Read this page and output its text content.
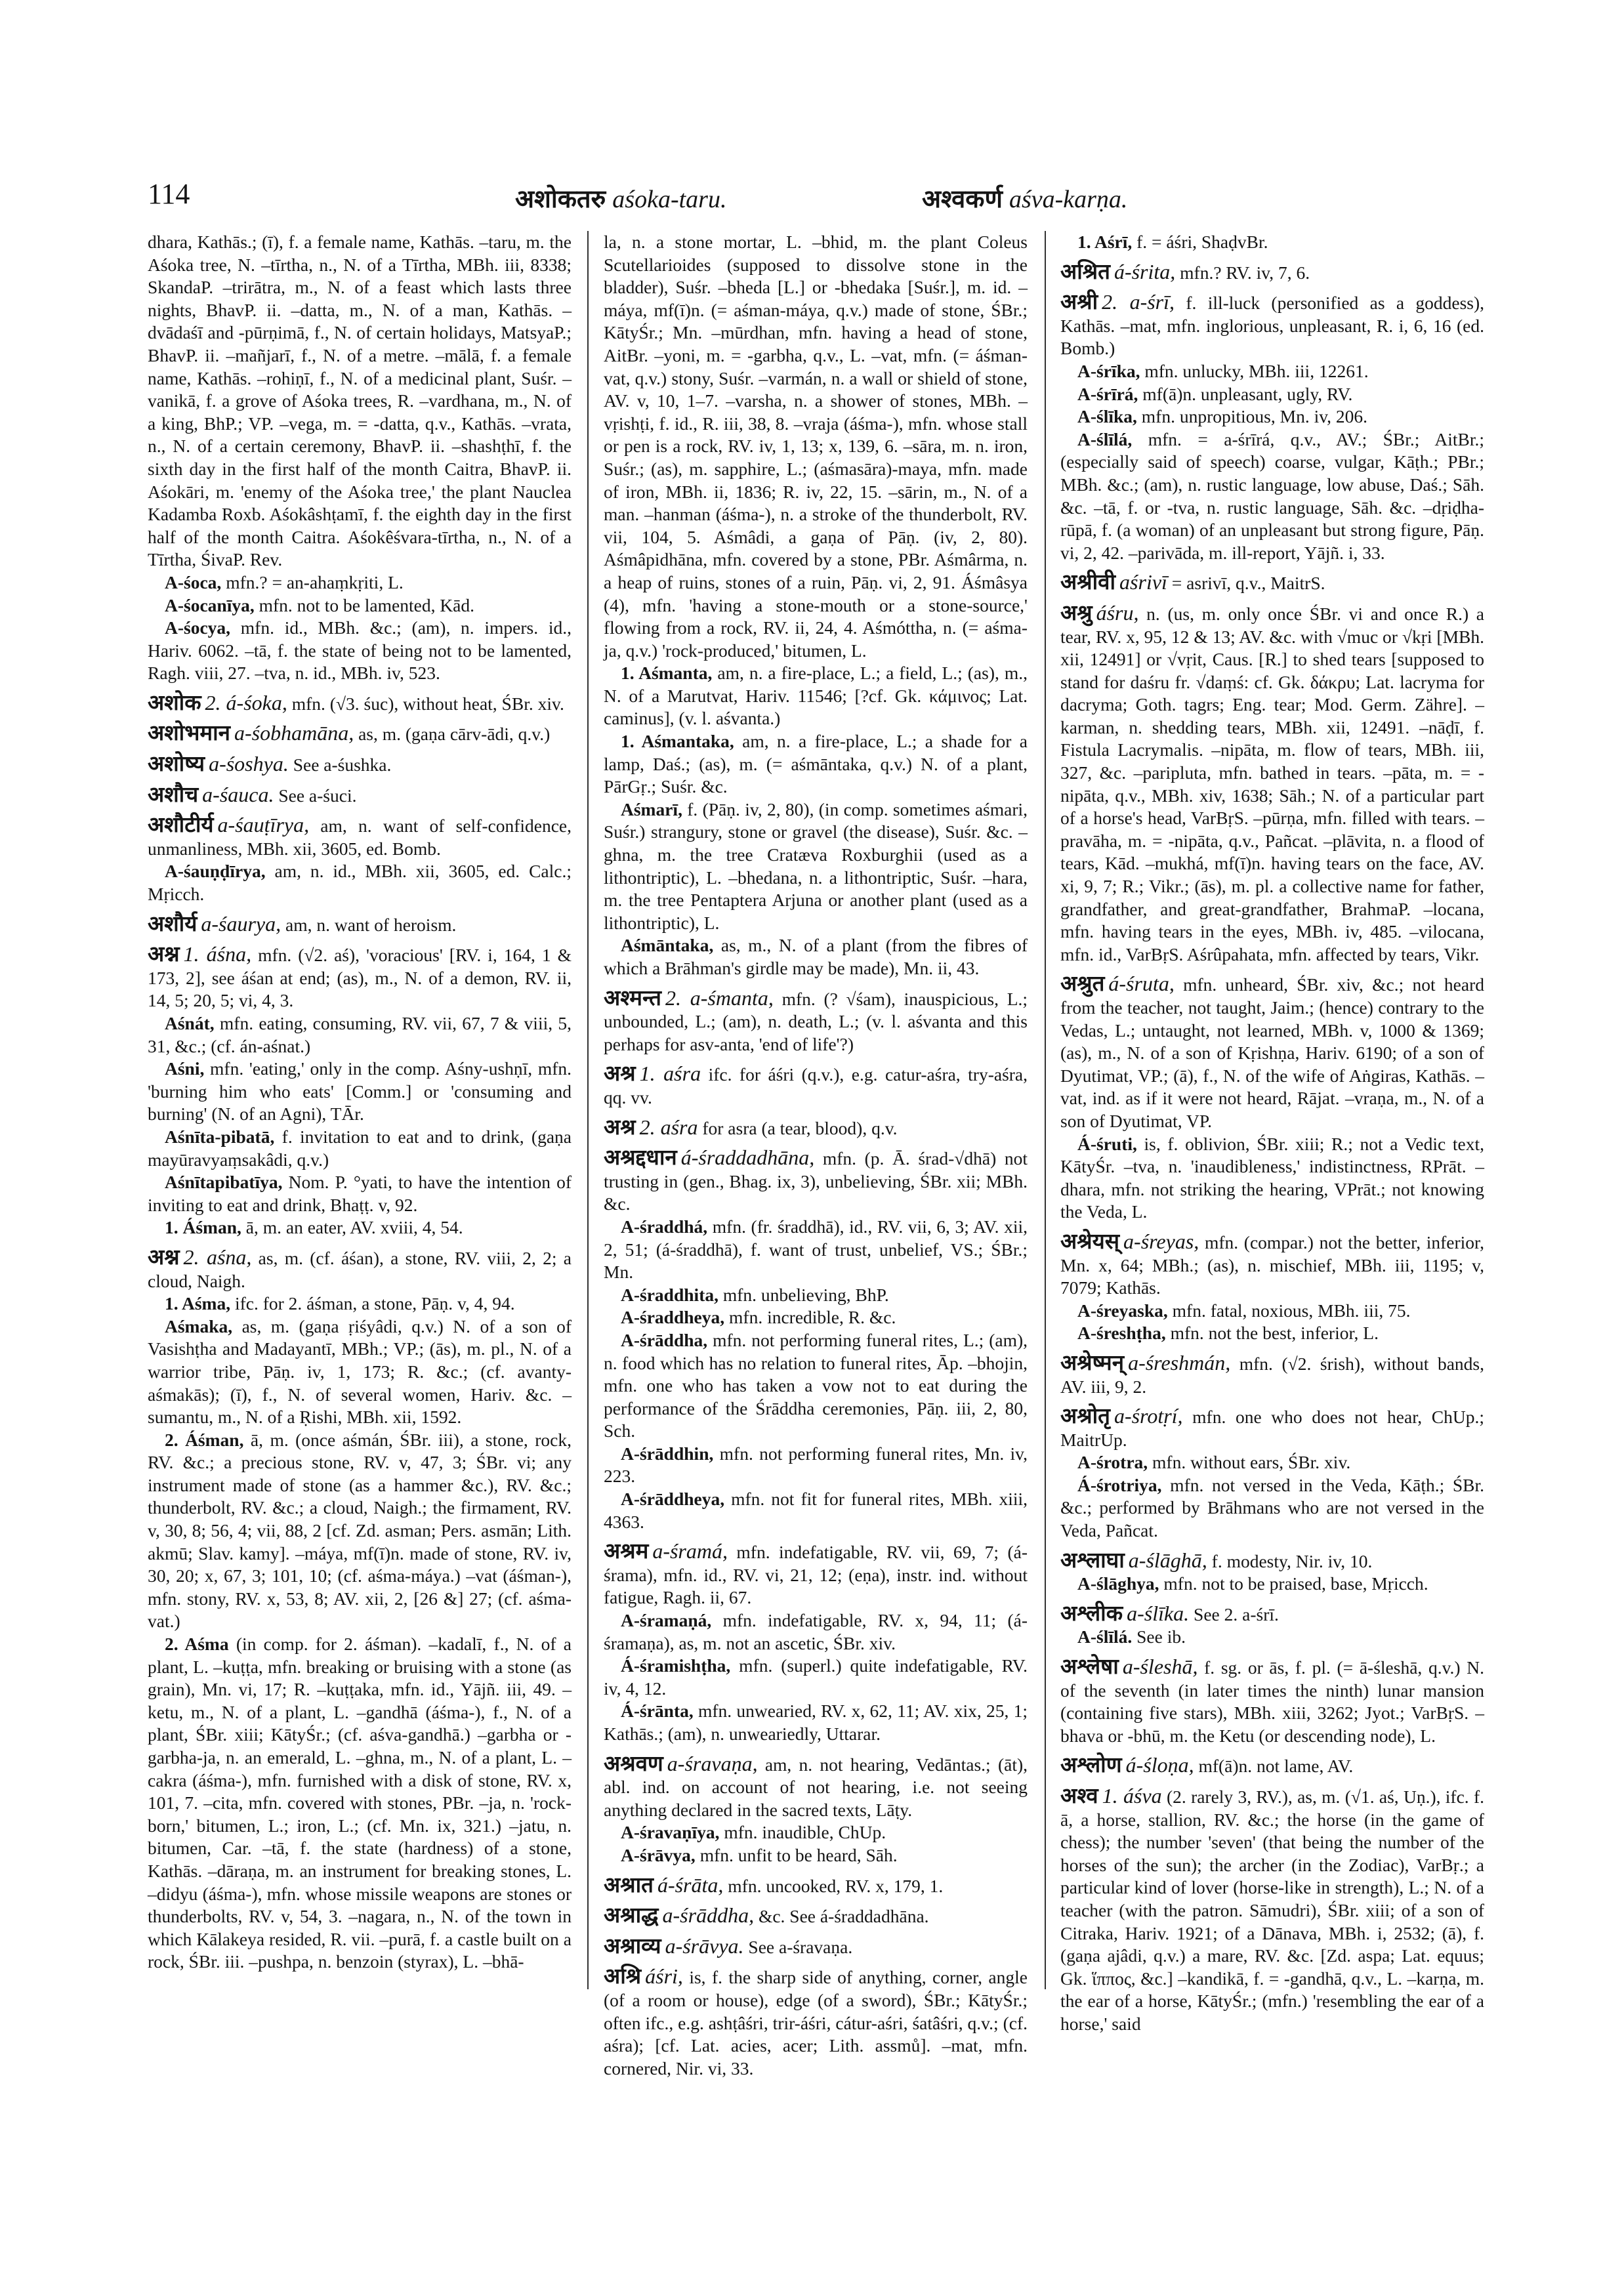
114	अशोकतरु aśoka-taru.	अश्वकर्ण aśva-karṇa.

dhara, Kathās.; (ī), f. a female name, Kathās. –taru, m. the Aśoka tree, N. –tīrtha, n., N. of a Tīrtha, MBh. iii, 8338; SkandaP. –trirātra, m., N. of a feast which lasts three nights, BhavP. ii. –datta, m., N. of a man, Kathās. –dvādaśī and -pūrṇimā, f., N. of certain holidays, MatsyaP.; BhavP. ii. –mañjarī, f., N. of a metre. –mālā, f. a female name, Kathās. –rohiṇī, f., N. of a medicinal plant, Suśr. –vanikā, f. a grove of Aśoka trees, R. –vardhana, m., N. of a king, BhP.; VP. –vega, m. = -datta, q.v., Kathās. –vrata, n., N. of a certain ceremony, BhavP. ii. –shashṭhī, f. the sixth day in the first half of the month Caitra, BhavP. ii. Aśokāri, m. 'enemy of the Aśoka tree,' the plant Nauclea Kadamba Roxb. Aśokâshṭamī, f. the eighth day in the first half of the month Caitra. Aśokêśvara-tīrtha, n., N. of a Tīrtha, ŚivaP. Rev.

A-śoca, mfn.? = an-ahaṃkṛiti, L.

A-śocanīya, mfn. not to be lamented, Kād.

A-śocya, mfn. id., MBh. &c.; (am), n. impers. id., Hariv. 6062. –tā, f. the state of being not to be lamented, Ragh. viii, 27. –tva, n. id., MBh. iv, 523.

अशोक 2. á-śoka, mfn. (√3. śuc), without heat, ŚBr. xiv.

अशोभमान a-śobhamāna, as, m. (gaṇa cārv-ādi, q.v.)

अशोष्य a-śoshya. See a-śushka.

अशौच a-śauca. See a-śuci.

अशौटीर्य a-śauṭīrya, am, n. want of self-confidence, unmanliness, MBh. xii, 3605, ed. Bomb.

A-śauṇḍīrya, am, n. id., MBh. xii, 3605, ed. Calc.; Mṛicch.

अशौर्य a-śaurya, am, n. want of heroism.

अश्न 1. áśna, mfn. (√2. aś), 'voracious' [RV. i, 164, 1 & 173, 2], see áśan at end; (as), m., N. of a demon, RV. ii, 14, 5; 20, 5; vi, 4, 3.

Aśnát, mfn. eating, consuming, RV. vii, 67, 7 & viii, 5, 31, &c.; (cf. án-aśnat.)

Aśni, mfn. 'eating,' only in the comp. Aśny-ushṇī, mfn. 'burning him who eats' [Comm.] or 'consuming and burning' (N. of an Agni), TĀr.

Aśnīta-pibatā, f. invitation to eat and to drink, (gaṇa mayūravyaṃsakâdi, q.v.)

Aśnītapibatīya, Nom. P. °yati, to have the intention of inviting to eat and drink, Bhaṭṭ. v, 92.

1. Áśman, ā, m. an eater, AV. xviii, 4, 54.

अश्न 2. aśna, as, m. (cf. áśan), a stone, RV. viii, 2, 2; a cloud, Naigh.

1. Aśma, ifc. for 2. áśman, a stone, Pāṇ. v, 4, 94.

Aśmaka, as, m. (gaṇa ṛiśyâdi, q.v.) N. of a son of Vasishṭha and Madayantī, MBh.; VP.; (ās), m. pl., N. of a warrior tribe, Pāṇ. iv, 1, 173; R. &c.; (cf. avanty-aśmakās); (ī), f., N. of several women, Hariv. &c. –sumantu, m., N. of a Ṛishi, MBh. xii, 1592.

2. Áśman, ā, m. (once aśmán, ŚBr. iii), a stone, rock, RV. &c.; a precious stone, RV. v, 47, 3; ŚBr. vi; any instrument made of stone (as a hammer &c.), RV. &c.; thunderbolt, RV. &c.; a cloud, Naigh.; the firmament, RV. v, 30, 8; 56, 4; vii, 88, 2 [cf. Zd. asman; Pers. asmān; Lith. akmū; Slav. kamy]. –máya, mf(ī)n. made of stone, RV. iv, 30, 20; x, 67, 3; 101, 10; (cf. aśma-máya.) –vat (áśman-), mfn. stony, RV. x, 53, 8; AV. xii, 2, [26 &] 27; (cf. aśma-vat.)

2. Aśma (in comp. for 2. áśman). –kadalī, f., N. of a plant, L. –kuṭṭa, mfn. breaking or bruising with a stone (as grain), Mn. vi, 17; R. –kuṭṭaka, mfn. id., Yājñ. iii, 49. –ketu, m., N. of a plant, L. –gandhā (áśma-), f., N. of a plant, ŚBr. xiii; KātyŚr.; (cf. aśva-gandhā.) –garbha or -garbha-ja, n. an emerald, L. –ghna, m., N. of a plant, L. –cakra (áśma-), mfn. furnished with a disk of stone, RV. x, 101, 7. –cita, mfn. covered with stones, PBr. –ja, n. 'rock-born,' bitumen, L.; iron, L.; (cf. Mn. ix, 321.) –jatu, n. bitumen, Car. –tā, f. the state (hardness) of a stone, Kathās. –dāraṇa, m. an instrument for breaking stones, L. –didyu (áśma-), mfn. whose missile weapons are stones or thunderbolts, RV. v, 54, 3. –nagara, n., N. of the town in which Kālakeya resided, R. vii. –purā, f. a castle built on a rock, ŚBr. iii. –pushpa, n. benzoin (styrax), L. –bhā-

la, n. a stone mortar, L. –bhid, m. the plant Coleus Scutellarioides (supposed to dissolve stone in the bladder), Suśr. –bheda [L.] or -bhedaka [Suśr.], m. id. –máya, mf(ī)n. (= aśman-máya, q.v.) made of stone, ŚBr.; KātyŚr.; Mn. –mūrdhan, mfn. having a head of stone, AitBr. –yoni, m. = -garbha, q.v., L. –vat, mfn. (= áśman-vat, q.v.) stony, Suśr. –varmán, n. a wall or shield of stone, AV. v, 10, 1–7. –varsha, n. a shower of stones, MBh. –vṛishṭi, f. id., R. iii, 38, 8. –vraja (áśma-), mfn. whose stall or pen is a rock, RV. iv, 1, 13; x, 139, 6. –sāra, m. n. iron, Suśr.; (as), m. sapphire, L.; (aśmasāra)-maya, mfn. made of iron, MBh. ii, 1836; R. iv, 22, 15. –sārin, m., N. of a man. –hanman (áśma-), n. a stroke of the thunderbolt, RV. vii, 104, 5. Aśmâdi, a gaṇa of Pāṇ. (iv, 2, 80). Aśmâpidhāna, mfn. covered by a stone, PBr. Aśmârma, n. a heap of ruins, stones of a ruin, Pāṇ. vi, 2, 91. Áśmâsya (4), mfn. 'having a stone-mouth or a stone-source,' flowing from a rock, RV. ii, 24, 4. Aśmóttha, n. (= aśma-ja, q.v.) 'rock-produced,' bitumen, L.

1. Aśmanta, am, n. a fire-place, L.; a field, L.; (as), m., N. of a Marutvat, Hariv. 11546; [?cf. Gk. κάμινος; Lat. caminus], (v. l. aśvanta.)

1. Aśmantaka, am, n. a fire-place, L.; a shade for a lamp, Daś.; (as), m. (= aśmāntaka, q.v.) N. of a plant, PārGṛ.; Suśr. &c.

Aśmarī, f. (Pāṇ. iv, 2, 80), (in comp. sometimes aśmari, Suśr.) strangury, stone or gravel (the disease), Suśr. &c. –ghna, m. the tree Cratæva Roxburghii (used as a lithontriptic), L. –bhedana, n. a lithontriptic, Suśr. –hara, m. the tree Pentaptera Arjuna or another plant (used as a lithontriptic), L.

Aśmāntaka, as, m., N. of a plant (from the fibres of which a Brāhman's girdle may be made), Mn. ii, 43.

अश्मन्त 2. a-śmanta, mfn. (? √śam), inauspicious, L.; unbounded, L.; (am), n. death, L.; (v. l. aśvanta and this perhaps for asv-anta, 'end of life'?)

अश्र 1. aśra ifc. for áśri (q.v.), e.g. catur-aśra, try-aśra, qq. vv.

अश्र 2. aśra for asra (a tear, blood), q.v.

अश्रद्दधान á-śraddadhāna, mfn. (p. Ā. śrad-√dhā) not trusting in (gen., Bhag. ix, 3), unbelieving, ŚBr. xii; MBh. &c.

A-śraddhá, mfn. (fr. śraddhā), id., RV. vii, 6, 3; AV. xii, 2, 51; (á-śraddhā), f. want of trust, unbelief, VS.; ŚBr.; Mn.

A-śraddhita, mfn. unbelieving, BhP.

A-śraddheya, mfn. incredible, R. &c.

A-śrāddha, mfn. not performing funeral rites, L.; (am), n. food which has no relation to funeral rites, Āp. –bhojin, mfn. one who has taken a vow not to eat during the performance of the Śrāddha ceremonies, Pāṇ. iii, 2, 80, Sch.

A-śrāddhin, mfn. not performing funeral rites, Mn. iv, 223.

A-śrāddheya, mfn. not fit for funeral rites, MBh. xiii, 4363.

अश्रम a-śramá, mfn. indefatigable, RV. vii, 69, 7; (á-śrama), mfn. id., RV. vi, 21, 12; (eṇa), instr. ind. without fatigue, Ragh. ii, 67.

A-śramaṇá, mfn. indefatigable, RV. x, 94, 11; (á-śramaṇa), as, m. not an ascetic, ŚBr. xiv.

Á-śramishṭha, mfn. (superl.) quite indefatigable, RV. iv, 4, 12.

Á-śrānta, mfn. unwearied, RV. x, 62, 11; AV. xix, 25, 1; Kathās.; (am), n. unweariedly, Uttarar.

अश्रवण a-śravaṇa, am, n. not hearing, Vedāntas.; (āt), abl. ind. on account of not hearing, i.e. not seeing anything declared in the sacred texts, Lāṭy.

A-śravaṇīya, mfn. inaudible, ChUp.

A-śrāvya, mfn. unfit to be heard, Sāh.

अश्रात á-śrāta, mfn. uncooked, RV. x, 179, 1.

अश्राद्ध a-śrāddha, &c. See á-śraddadhāna.

अश्राव्य a-śrāvya. See a-śravaṇa.

अश्रि áśri, is, f. the sharp side of anything, corner, angle (of a room or house), edge (of a sword), ŚBr.; KātyŚr.; often ifc., e.g. ashṭâśri, trir-áśri, cátur-aśri, śatâśri, q.v.; (cf. aśra); [cf. Lat. acies, acer; Lith. assmů]. –mat, mfn. cornered, Nir. vi, 33.

1. Aśrī, f. = áśri, ShaḍvBr.

अश्रित á-śrita, mfn.? RV. iv, 7, 6.

अश्री 2. a-śrī, f. ill-luck (personified as a goddess), Kathās. –mat, mfn. inglorious, unpleasant, R. i, 6, 16 (ed. Bomb.)

A-śrīka, mfn. unlucky, MBh. iii, 12261.

A-śrīrá, mf(ā)n. unpleasant, ugly, RV.

A-ślīka, mfn. unpropitious, Mn. iv, 206.

A-ślīlá, mfn. = a-śrīrá, q.v., AV.; ŚBr.; AitBr.; (especially said of speech) coarse, vulgar, Kāṭh.; PBr.; MBh. &c.; (am), n. rustic language, low abuse, Daś.; Sāh. &c. –tā, f. or -tva, n. rustic language, Sāh. &c. –dṛiḍha-rūpā, f. (a woman) of an unpleasant but strong figure, Pāṇ. vi, 2, 42. –parivāda, m. ill-report, Yājñ. i, 33.

अश्रीवी aśrivī = asrivī, q.v., MaitrS.

अश्रु áśru, n. (us, m. only once ŚBr. vi and once R.) a tear, RV. x, 95, 12 & 13; AV. &c. with √muc or √kṛi [MBh. xii, 12491] or √vṛit, Caus. [R.] to shed tears [supposed to stand for daśru fr. √daṃś: cf. Gk. δάκρυ; Lat. lacryma for dacryma; Goth. tagrs; Eng. tear; Mod. Germ. Zähre]. –karman, n. shedding tears, MBh. xii, 12491. –nāḍī, f. Fistula Lacrymalis. –nipāta, m. flow of tears, MBh. iii, 327, &c. –paripluta, mfn. bathed in tears. –pāta, m. = -nipāta, q.v., MBh. xiv, 1638; Sāh.; N. of a particular part of a horse's head, VarBṛS. –pūrṇa, mfn. filled with tears. –pravāha, m. = -nipāta, q.v., Pañcat. –plāvita, n. a flood of tears, Kād. –mukhá, mf(ī)n. having tears on the face, AV. xi, 9, 7; R.; Vikr.; (ās), m. pl. a collective name for father, grandfather, and great-grandfather, BrahmaP. –locana, mfn. having tears in the eyes, MBh. iv, 485. –vilocana, mfn. id., VarBṛS. Aśrûpahata, mfn. affected by tears, Vikr.

अश्रुत á-śruta, mfn. unheard, ŚBr. xiv, &c.; not heard from the teacher, not taught, Jaim.; (hence) contrary to the Vedas, L.; untaught, not learned, MBh. v, 1000 & 1369; (as), m., N. of a son of Kṛishṇa, Hariv. 6190; of a son of Dyutimat, VP.; (ā), f., N. of the wife of Aṅgiras, Kathās. –vat, ind. as if it were not heard, Rājat. –vraṇa, m., N. of a son of Dyutimat, VP.

Á-śruti, is, f. oblivion, ŚBr. xiii; R.; not a Vedic text, KātyŚr. –tva, n. 'inaudibleness,' indistinctness, RPrāt. –dhara, mfn. not striking the hearing, VPrāt.; not knowing the Veda, L.

अश्रेयस् a-śreyas, mfn. (compar.) not the better, inferior, Mn. x, 64; MBh.; (as), n. mischief, MBh. iii, 1195; v, 7079; Kathās.

A-śreyaska, mfn. fatal, noxious, MBh. iii, 75.

A-śreshṭha, mfn. not the best, inferior, L.

अश्रेष्मन् a-śreshmán, mfn. (√2. śrish), without bands, AV. iii, 9, 2.

अश्रोतृ a-śrotṛí, mfn. one who does not hear, ChUp.; MaitrUp.

A-śrotra, mfn. without ears, ŚBr. xiv.

Á-śrotriya, mfn. not versed in the Veda, Kāṭh.; ŚBr. &c.; performed by Brāhmans who are not versed in the Veda, Pañcat.

अश्लाघा a-ślāghā, f. modesty, Nir. iv, 10.

A-ślāghya, mfn. not to be praised, base, Mṛicch.

अश्लीक a-ślīka. See 2. a-śrī.

A-ślīlá. See ib.

अश्लेषा a-śleshā, f. sg. or ās, f. pl. (= ā-śleshā, q.v.) N. of the seventh (in later times the ninth) lunar mansion (containing five stars), MBh. xiii, 3262; Jyot.; VarBṛS. –bhava or -bhū, m. the Ketu (or descending node), L.

अश्लोण á-śloṇa, mf(ā)n. not lame, AV.

अश्व 1. áśva (2. rarely 3, RV.), as, m. (√1. aś, Uṇ.), ifc. f. ā, a horse, stallion, RV. &c.; the horse (in the game of chess); the number 'seven' (that being the number of the horses of the sun); the archer (in the Zodiac), VarBṛ.; a particular kind of lover (horse-like in strength), L.; N. of a teacher (with the patron. Sāmudri), ŚBr. xiii; of a son of Citraka, Hariv. 1921; of a Dānava, MBh. i, 2532; (ā), f. (gaṇa ajâdi, q.v.) a mare, RV. &c. [Zd. aspa; Lat. equus; Gk. ἵππος, &c.] –kandikā, f. = -gandhā, q.v., L. –karṇa, m. the ear of a horse, KātyŚr.; (mfn.) 'resembling the ear of a horse,' said
